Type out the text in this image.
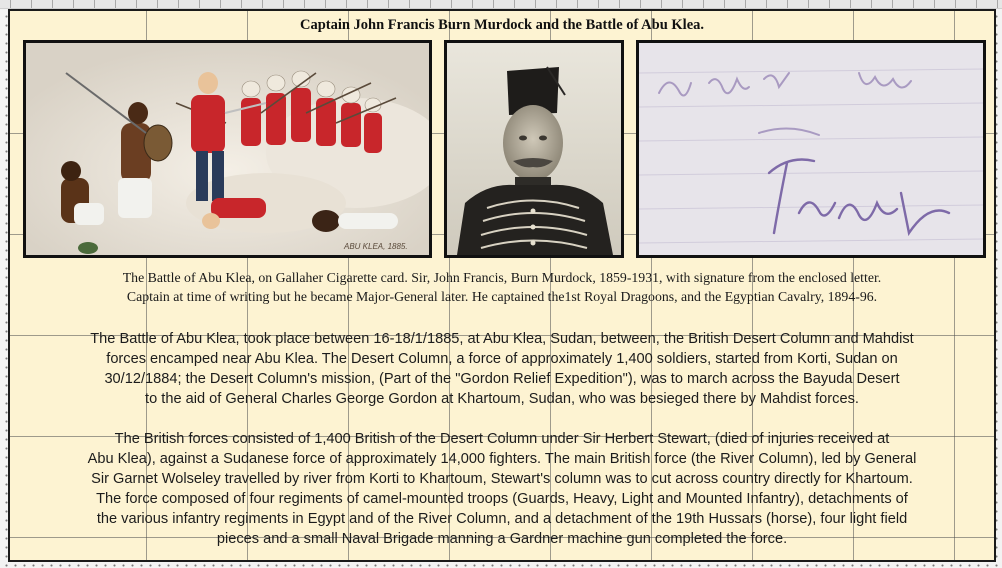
Captain John Francis Burn Murdock and the Battle of Abu Klea.
ABU KLEA, 1885.
The Battle of Abu Klea, on Gallaher Cigarette card. Sir, John Francis, Burn Murdock, 1859-1931, with signature from the enclosed letter.
Captain at time of writing but he became Major-General later. He captained the1st Royal Dragoons, and the Egyptian Cavalry, 1894-96.
The Battle of Abu Klea, took place between 16-18/1/1885, at Abu Klea, Sudan, between, the British Desert Column and Mahdist
forces encamped near Abu Klea. The Desert Column, a force of approximately 1,400 soldiers, started from Korti, Sudan on
30/12/1884; the Desert Column's mission, (Part of the "Gordon Relief Expedition"), was to march across the Bayuda Desert
to the aid of General Charles George Gordon at Khartoum, Sudan, who was besieged there by Mahdist forces.
The British forces consisted of 1,400 British of the Desert Column under Sir Herbert Stewart, (died of injuries received at
Abu Klea), against a Sudanese force of approximately 14,000 fighters. The main British force (the River Column), led by General
Sir Garnet Wolseley travelled by river from Korti to Khartoum, Stewart's column was to cut across country directly for Khartoum.
The force composed of four regiments of camel-mounted troops (Guards, Heavy, Light and Mounted Infantry), detachments of
the various infantry regiments in Egypt and of the River Column, and a detachment of the 19th Hussars (horse), four light field
pieces and a small Naval Brigade manning a Gardner machine gun completed the force.
